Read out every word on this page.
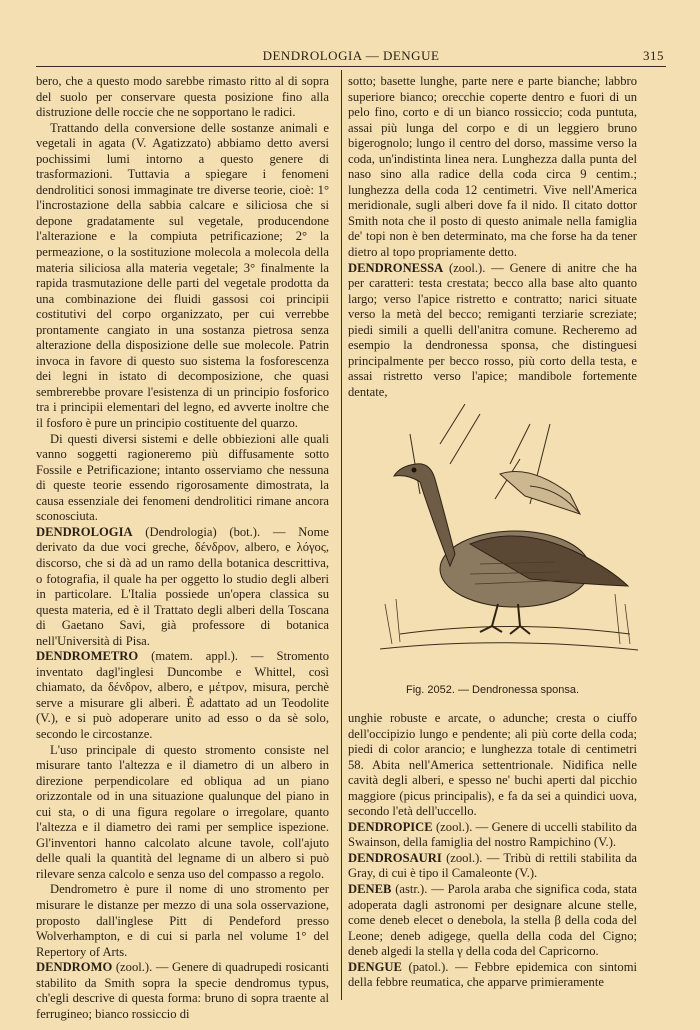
DENDROLOGIA — DENGUE	315

bero, che a questo modo sarebbe rimasto ritto al di sopra del suolo per conservare questa posizione fino alla distruzione delle roccie che ne sopportano le radici.

Trattando della conversione delle sostanze animali e vegetali in agata (V. Agatizzato) abbiamo detto aversi pochissimi lumi intorno a questo genere di trasformazioni. Tuttavia a spiegare i fenomeni dendrolitici sonosi immaginate tre diverse teorie, cioè: 1° l'incrostazione della sabbia calcare e siliciosa che si depone gradatamente sul vegetale, producendone l'alterazione e la compiuta petrificazione; 2° la permeazione, o la sostituzione molecola a molecola della materia siliciosa alla materia vegetale; 3° finalmente la rapida trasmutazione delle parti del vegetale prodotta da una combinazione dei fluidi gassosi coi principii costitutivi del corpo organizzato, per cui verrebbe prontamente cangiato in una sostanza pietrosa senza alterazione della disposizione delle sue molecole. Patrin invoca in favore di questo suo sistema la fosforescenza dei legni in istato di decomposizione, che quasi sembrerebbe provare l'esistenza di un principio fosforico tra i principii elementari del legno, ed avverte inoltre che il fosforo è pure un principio costituente del quarzo.

Di questi diversi sistemi e delle obbiezioni alle quali vanno soggetti ragioneremo più diffusamente sotto Fossile e Petrificazione; intanto osserviamo che nessuna di queste teorie essendo rigorosamente dimostrata, la causa essenziale dei fenomeni dendrolitici rimane ancora sconosciuta.

DENDROLOGIA (Dendrologia) (bot.). — Nome derivato da due voci greche, δένδρον, albero, e λόγος, discorso, che si dà ad un ramo della botanica descrittiva, o fotografia, il quale ha per oggetto lo studio degli alberi in particolare. L'Italia possiede un'opera classica su questa materia, ed è il Trattato degli alberi della Toscana di Gaetano Savi, già professore di botanica nell'Università di Pisa.

DENDROMETRO (matem. appl.). — Stromento inventato dagl'inglesi Duncombe e Whittel, così chiamato, da δένδρον, albero, e μέτρον, misura, perchè serve a misurare gli alberi. È adattato ad un Teodolite (V.), e si può adoperare unito ad esso o da sè solo, secondo le circostanze.

L'uso principale di questo stromento consiste nel misurare tanto l'altezza e il diametro di un albero in direzione perpendicolare ed obliqua ad un piano orizzontale od in una situazione qualunque del piano in cui sta, o di una figura regolare o irregolare, quanto l'altezza e il diametro dei rami per semplice ispezione. Gl'inventori hanno calcolato alcune tavole, coll'ajuto delle quali la quantità del legname di un albero si può rilevare senza calcolo e senza uso del compasso a regolo.

Dendrometro è pure il nome di uno stromento per misurare le distanze per mezzo di una sola osservazione, proposto dall'inglese Pitt di Pendeford presso Wolverhampton, e di cui si parla nel volume 1° del Repertory of Arts.

DENDROMO (zool.). — Genere di quadrupedi rosicanti stabilito da Smith sopra la specie dendromus typus, ch'egli descrive di questa forma: bruno di sopra traente al ferrugineo; bianco rossiccio di

sotto; basette lunghe, parte nere e parte bianche; labbro superiore bianco; orecchie coperte dentro e fuori di un pelo fino, corto e di un bianco rossiccio; coda puntuta, assai più lunga del corpo e di un leggiero bruno bigerognolo; lungo il centro del dorso, massime verso la coda, un'indistinta linea nera. Lunghezza dalla punta del naso sino alla radice della coda circa 9 centim.; lunghezza della coda 12 centimetri. Vive nell'America meridionale, sugli alberi dove fa il nido. Il citato dottor Smith nota che il posto di questo animale nella famiglia de' topi non è ben determinato, ma che forse ha da tener dietro al topo propriamente detto.

DENDRONESSA (zool.). — Genere di anitre che ha per caratteri: testa crestata; becco alla base alto quanto largo; verso l'apice ristretto e contratto; narici situate verso la metà del becco; remiganti terziarie screziate; piedi simili a quelli dell'anitra comune. Recheremo ad esempio la dendronessa sponsa, che distinguesi principalmente per becco rosso, più corto della testa, e assai ristretto verso l'apice; mandibole fortemente dentate,

Fig. 2052. — Dendronessa sponsa.

unghie robuste e arcate, o adunche; cresta o ciuffo dell'occipizio lungo e pendente; ali più corte della coda; piedi di color arancio; e lunghezza totale di centimetri 58. Abita nell'America settentrionale. Nidifica nelle cavità degli alberi, e spesso ne' buchi aperti dal picchio maggiore (picus principalis), e fa da sei a quindici uova, secondo l'età dell'uccello.

DENDROPICE (zool.). — Genere di uccelli stabilito da Swainson, della famiglia del nostro Rampichino (V.).

DENDROSAURI (zool.). — Tribù di rettili stabilita da Gray, di cui è tipo il Camaleonte (V.).

DENEB (astr.). — Parola araba che significa coda, stata adoperata dagli astronomi per designare alcune stelle, come deneb elecet o denebola, la stella β della coda del Leone; deneb adigege, quella della coda del Cigno; deneb algedi la stella γ della coda del Capricorno.

DENGUE (patol.). — Febbre epidemica con sintomi della febbre reumatica, che apparve primieramente
